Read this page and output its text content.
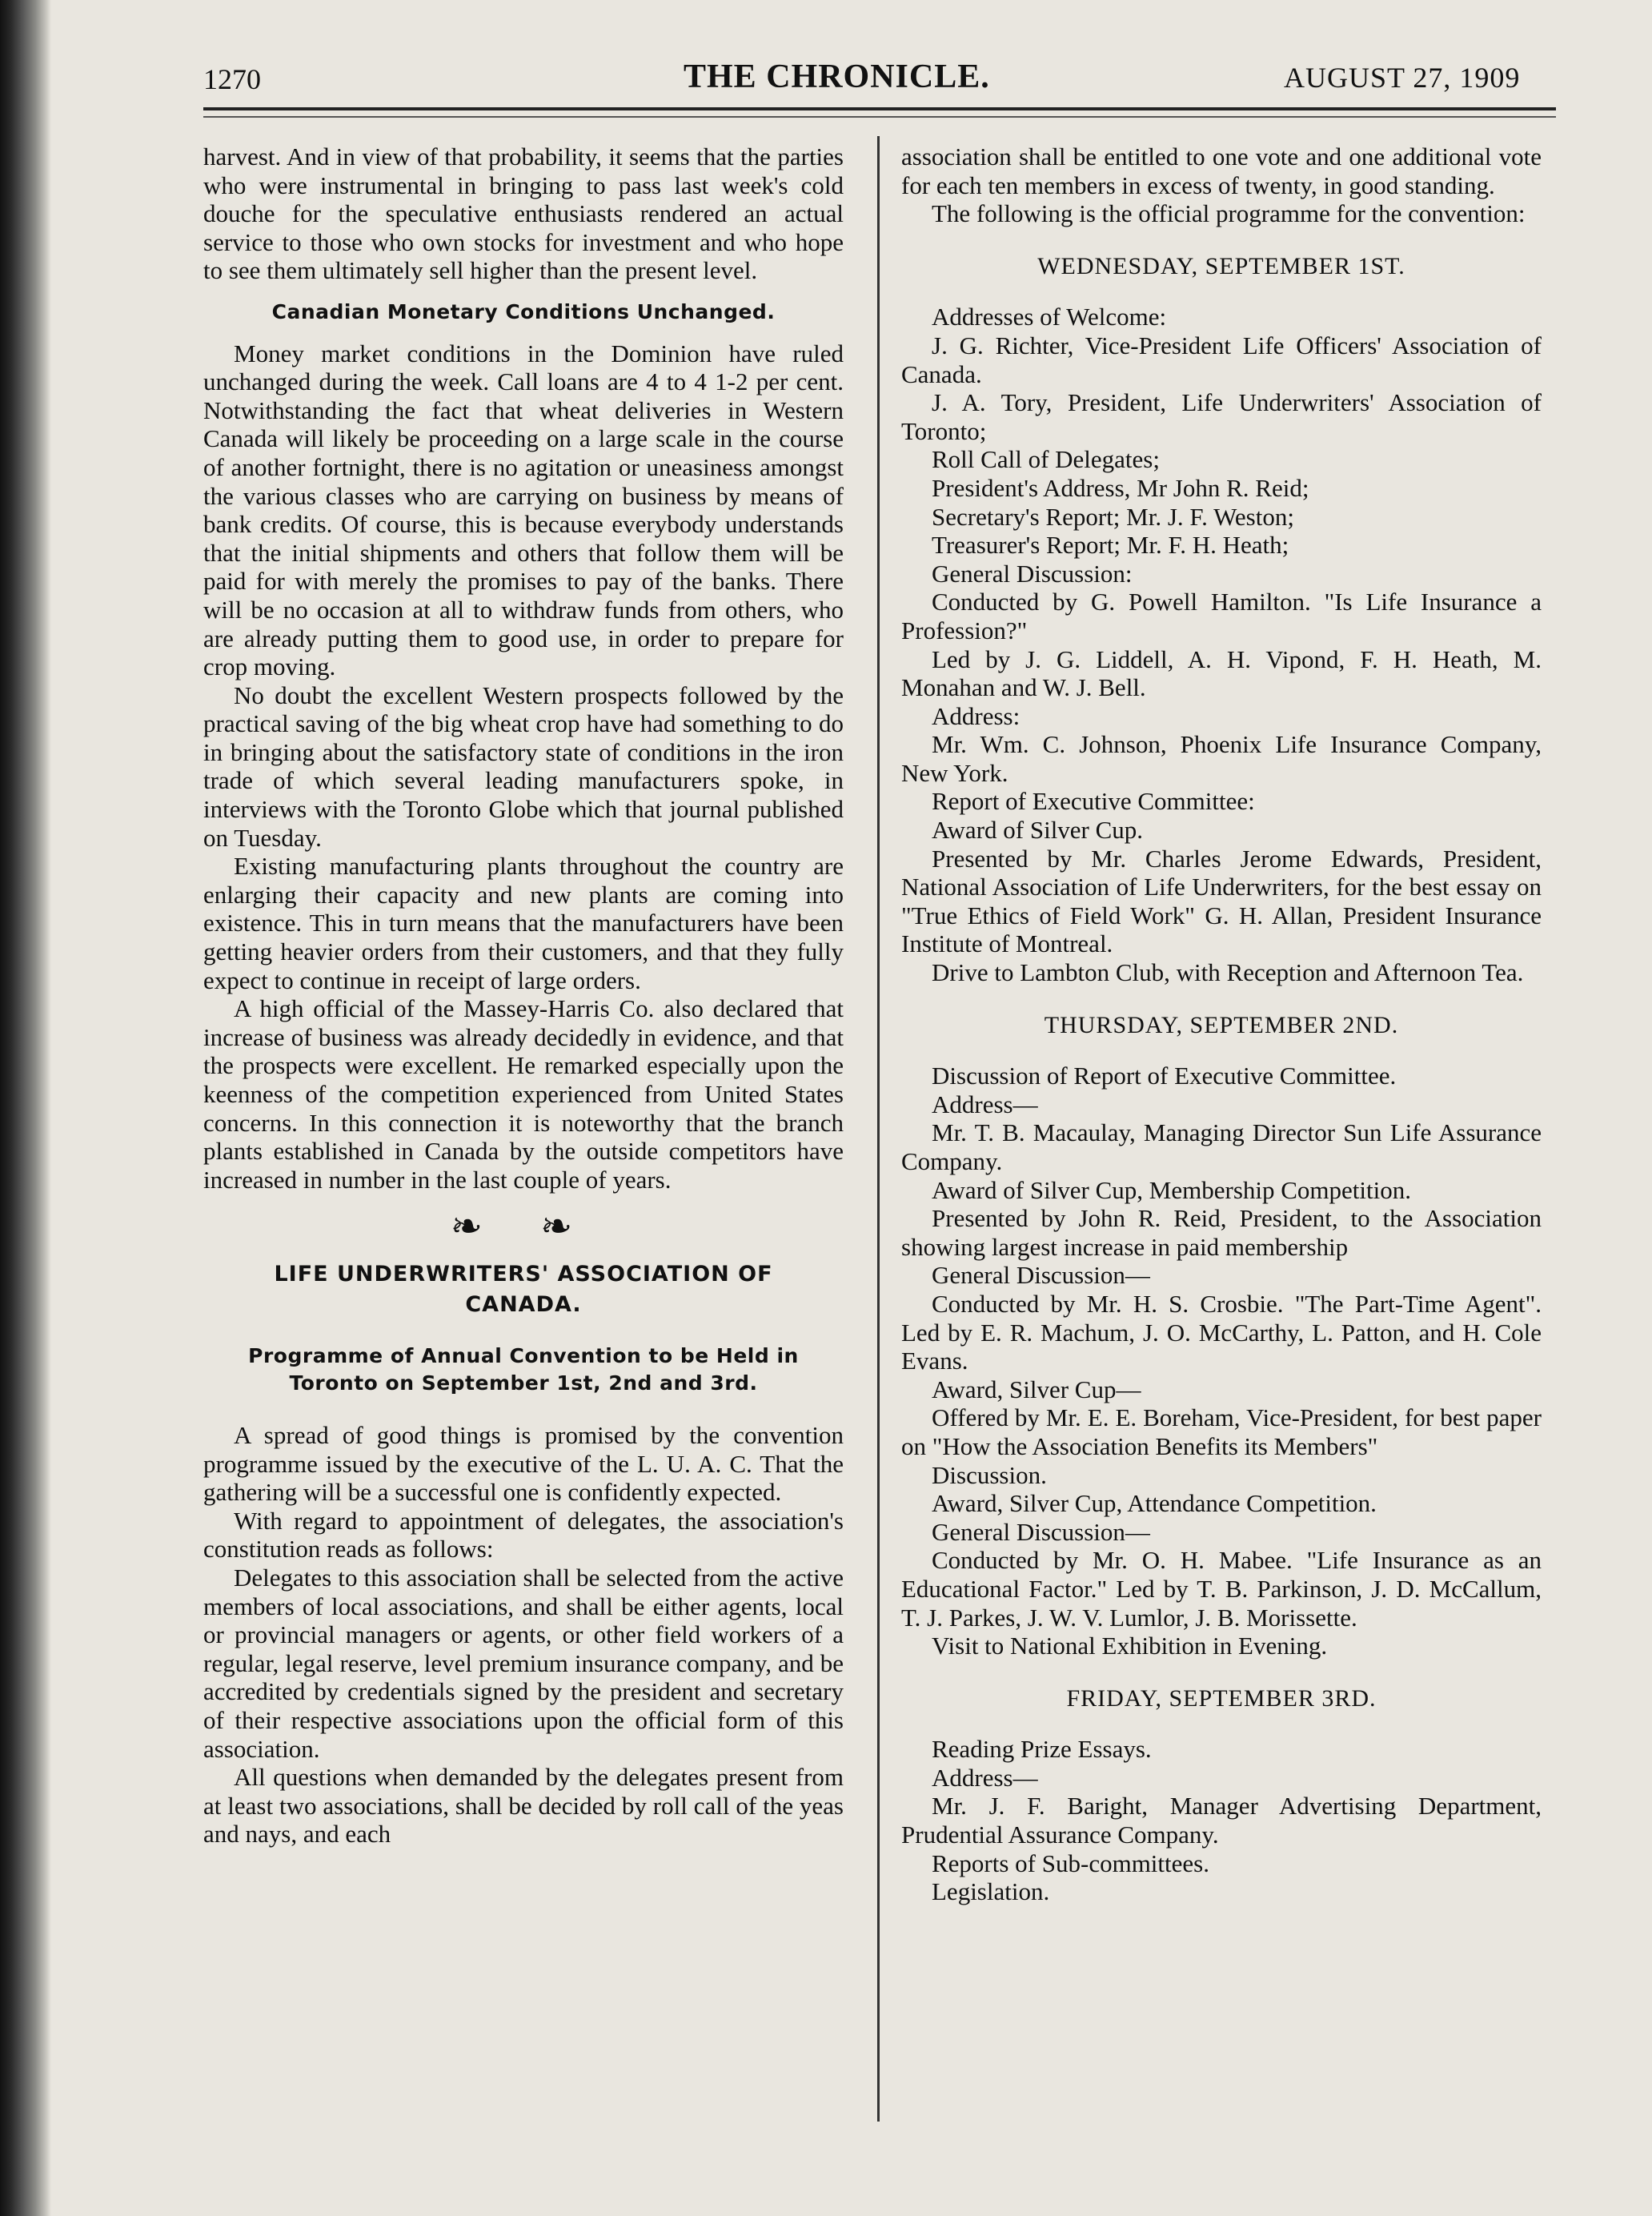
1270	THE CHRONICLE.	AUGUST 27, 1909

harvest. And in view of that probability, it seems that the parties who were instrumental in bringing to pass last week's cold douche for the speculative enthusiasts rendered an actual service to those who own stocks for investment and who hope to see them ultimately sell higher than the present level.

Canadian Monetary Conditions Unchanged.

Money market conditions in the Dominion have ruled unchanged during the week. Call loans are 4 to 4 1-2 per cent. Notwithstanding the fact that wheat deliveries in Western Canada will likely be proceeding on a large scale in the course of another fortnight, there is no agitation or uneasiness amongst the various classes who are carrying on business by means of bank credits. Of course, this is because everybody understands that the initial shipments and others that follow them will be paid for with merely the promises to pay of the banks. There will be no occasion at all to withdraw funds from others, who are already putting them to good use, in order to prepare for crop moving.

No doubt the excellent Western prospects followed by the practical saving of the big wheat crop have had something to do in bringing about the satisfactory state of conditions in the iron trade of which several leading manufacturers spoke, in interviews with the Toronto Globe which that journal published on Tuesday.

Existing manufacturing plants throughout the country are enlarging their capacity and new plants are coming into existence. This in turn means that the manufacturers have been getting heavier orders from their customers, and that they fully expect to continue in receipt of large orders.

A high official of the Massey-Harris Co. also declared that increase of business was already decidedly in evidence, and that the prospects were excellent. He remarked especially upon the keenness of the competition experienced from United States concerns. In this connection it is noteworthy that the branch plants established in Canada by the outside competitors have increased in number in the last couple of years.

❧ ❧
LIFE UNDERWRITERS' ASSOCIATION OF
CANADA.
Programme of Annual Convention to be Held in
Toronto on September 1st, 2nd and 3rd.

A spread of good things is promised by the convention programme issued by the executive of the L. U. A. C. That the gathering will be a successful one is confidently expected.

With regard to appointment of delegates, the association's constitution reads as follows:

Delegates to this association shall be selected from the active members of local associations, and shall be either agents, local or provincial managers or agents, or other field workers of a regular, legal reserve, level premium insurance company, and be accredited by credentials signed by the president and secretary of their respective associations upon the official form of this association.

All questions when demanded by the delegates present from at least two associations, shall be decided by roll call of the yeas and nays, and each

association shall be entitled to one vote and one additional vote for each ten members in excess of twenty, in good standing.

The following is the official programme for the convention:

WEDNESDAY, SEPTEMBER 1ST.

Addresses of Welcome:

J. G. Richter, Vice-President Life Officers' Association of Canada.

J. A. Tory, President, Life Underwriters' Association of Toronto;

Roll Call of Delegates;

President's Address, Mr John R. Reid;

Secretary's Report; Mr. J. F. Weston;

Treasurer's Report; Mr. F. H. Heath;

General Discussion:

Conducted by G. Powell Hamilton. "Is Life Insurance a Profession?"

Led by J. G. Liddell, A. H. Vipond, F. H. Heath, M. Monahan and W. J. Bell.

Address:

Mr. Wm. C. Johnson, Phoenix Life Insurance Company, New York.

Report of Executive Committee:

Award of Silver Cup.

Presented by Mr. Charles Jerome Edwards, President, National Association of Life Underwriters, for the best essay on "True Ethics of Field Work" G. H. Allan, President Insurance Institute of Montreal.

Drive to Lambton Club, with Reception and Afternoon Tea.

THURSDAY, SEPTEMBER 2ND.

Discussion of Report of Executive Committee.

Address—

Mr. T. B. Macaulay, Managing Director Sun Life Assurance Company.

Award of Silver Cup, Membership Competition.

Presented by John R. Reid, President, to the Association showing largest increase in paid membership

General Discussion—

Conducted by Mr. H. S. Crosbie. "The Part-Time Agent". Led by E. R. Machum, J. O. McCarthy, L. Patton, and H. Cole Evans.

Award, Silver Cup—

Offered by Mr. E. E. Boreham, Vice-President, for best paper on "How the Association Benefits its Members"

Discussion.

Award, Silver Cup, Attendance Competition.

General Discussion—

Conducted by Mr. O. H. Mabee. "Life Insurance as an Educational Factor." Led by T. B. Parkinson, J. D. McCallum, T. J. Parkes, J. W. V. Lumlor, J. B. Morissette.

Visit to National Exhibition in Evening.

FRIDAY, SEPTEMBER 3RD.

Reading Prize Essays.

Address—

Mr. J. F. Baright, Manager Advertising Department, Prudential Assurance Company.

Reports of Sub-committees.

Legislation.
